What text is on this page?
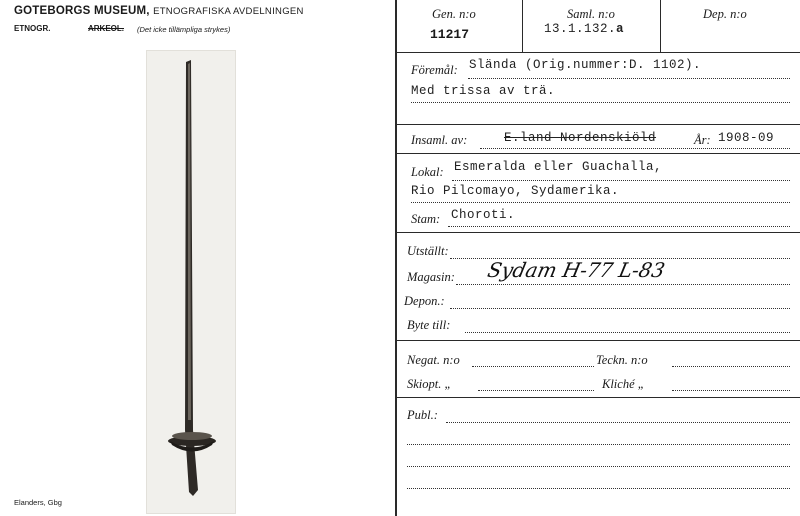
GOTEBORGS MUSEUM, ETNOGRAFISKA AVDELNINGEN
ETNOGR.	ARKEOL. (Det icke tillämpliga strykes)
Elanders, Gbg
Gen. n:o
11217
Saml. n:o
13.1.132.a
Dep. n:o
Föremål: Slända (Orig.nummer:D. 1102).
Med trissa av trä.
Insaml. av:	E.land Nordenskiöld	År: 1908-09
Lokal: Esmeralda eller Guachalla,
Rio Pilcomayo, Sydamerika.
Stam: Choroti.
Utställt:
Magasin: Sydam H-77 L-83
Depon.:
Byte till:
Negat. n:o	Teckn. n:o
Skiopt. „	Kliché „
Publ.:
